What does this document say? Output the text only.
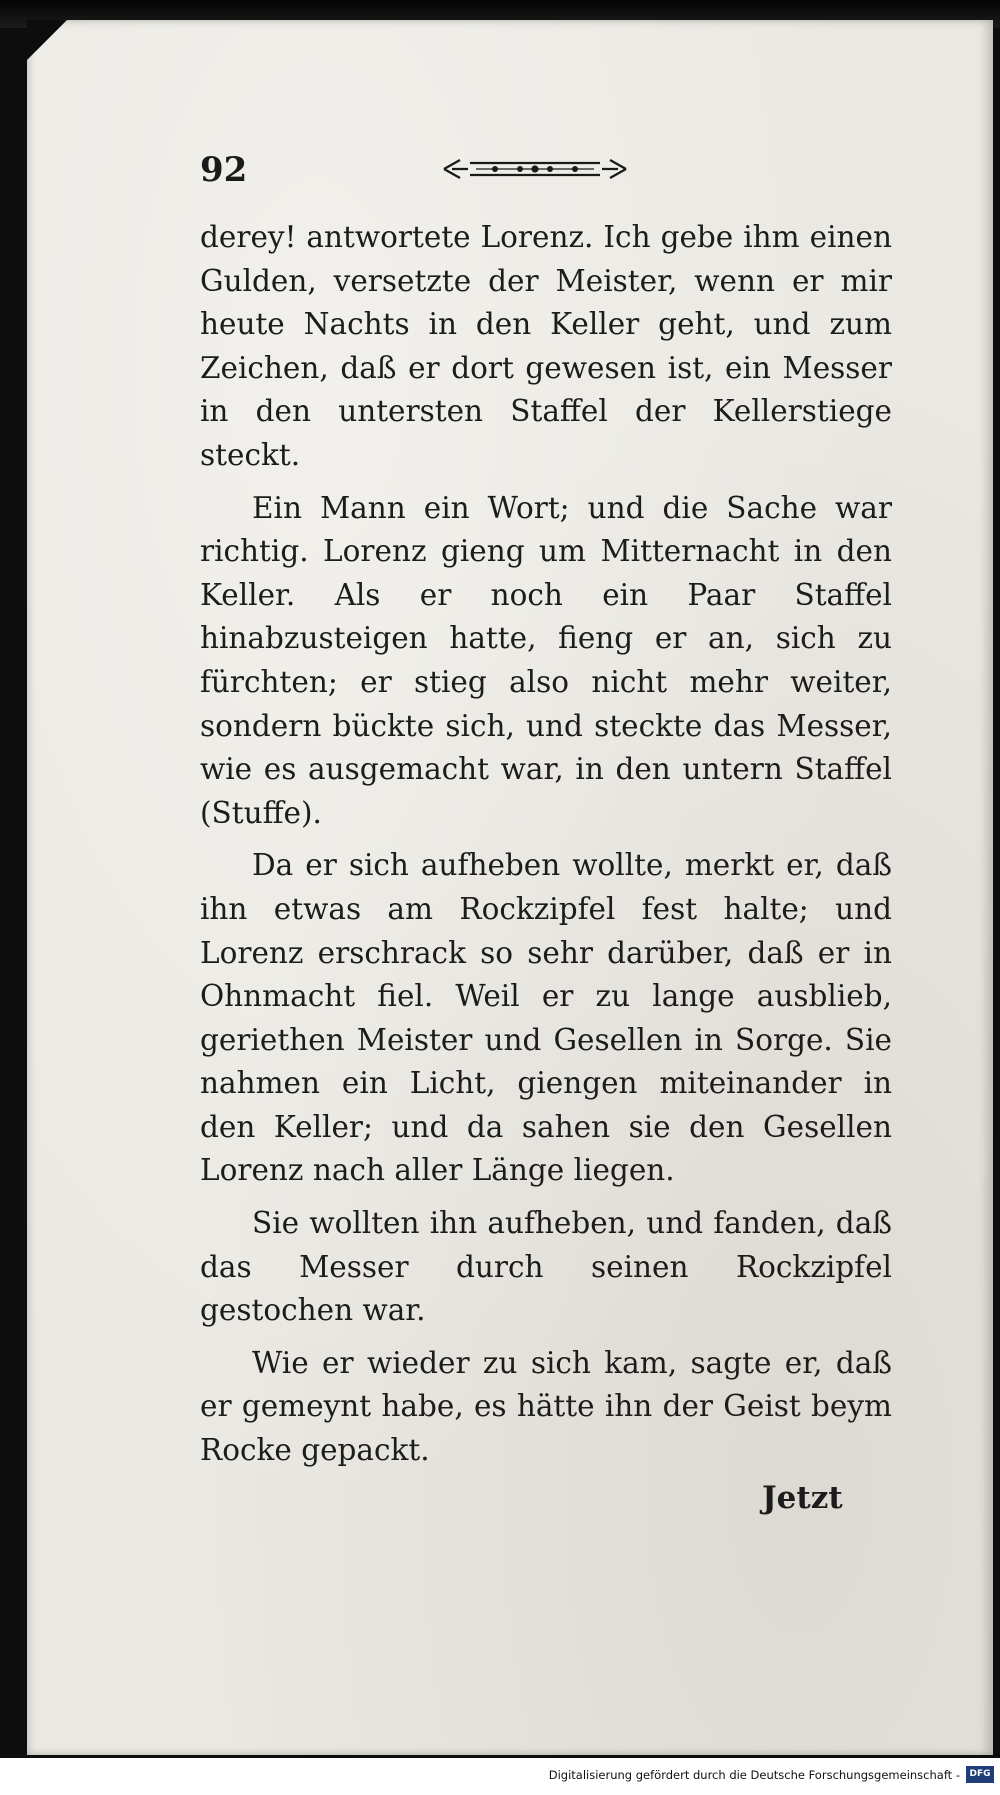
92

derey! antwortete Lorenz. Ich gebe ihm einen Gulden, versetzte der Meister, wenn er mir heute Nachts in den Keller geht, und zum Zeichen, daß er dort gewesen ist, ein Messer in den untersten Staffel der Kellerstiege steckt.

Ein Mann ein Wort; und die Sache war richtig. Lorenz gieng um Mitternacht in den Keller. Als er noch ein Paar Staffel hinabzusteigen hatte, fieng er an, sich zu fürchten; er stieg also nicht mehr weiter, sondern bückte sich, und steckte das Messer, wie es ausgemacht war, in den untern Staffel (Stuffe).

Da er sich aufheben wollte, merkt er, daß ihn etwas am Rockzipfel fest halte; und Lorenz erschrack so sehr darüber, daß er in Ohnmacht fiel. Weil er zu lange ausblieb, geriethen Meister und Gesellen in Sorge. Sie nahmen ein Licht, giengen miteinander in den Keller; und da sahen sie den Gesellen Lorenz nach aller Länge liegen.

Sie wollten ihn aufheben, und fanden, daß das Messer durch seinen Rockzipfel gestochen war.

Wie er wieder zu sich kam, sagte er, daß er gemeynt habe, es hätte ihn der Geist beym Rocke gepackt.

Jetzt
Digitalisierung gefördert durch die Deutsche Forschungsgemeinschaft -	DFG
